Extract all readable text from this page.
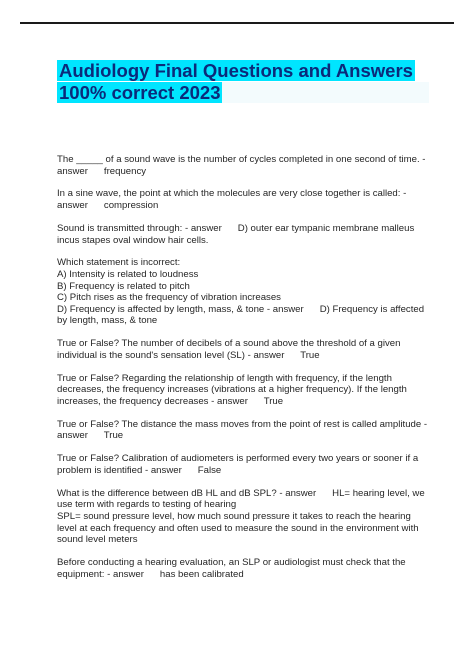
Audiology Final Questions and Answers
100% correct 2023
The _____ of a sound wave is the number of cycles completed in one second of time. -
answer      frequency
In a sine wave, the point at which the molecules are very close together is called: -
answer      compression
Sound is transmitted through: - answer      D) outer ear tympanic membrane malleus
incus stapes oval window hair cells.
Which statement is incorrect:
A) Intensity is related to loudness
B) Frequency is related to pitch
C) Pitch rises as the frequency of vibration increases
D) Frequency is affected by length, mass, & tone - answer      D) Frequency is affected
by length, mass, & tone
True or False? The number of decibels of a sound above the threshold of a given
individual is the sound's sensation level (SL) - answer      True
True or False? Regarding the relationship of length with frequency, if the length
decreases, the frequency increases (vibrations at a higher frequency). If the length
increases, the frequency decreases - answer      True
True or False? The distance the mass moves from the point of rest is called amplitude -
answer      True
True or False? Calibration of audiometers is performed every two years or sooner if a
problem is identified - answer      False
What is the difference between dB HL and dB SPL? - answer      HL= hearing level, we
use term with regards to testing of hearing
SPL= sound pressure level, how much sound pressure it takes to reach the hearing
level at each frequency and often used to measure the sound in the environment with
sound level meters
Before conducting a hearing evaluation, an SLP or audiologist must check that the
equipment: - answer      has been calibrated
